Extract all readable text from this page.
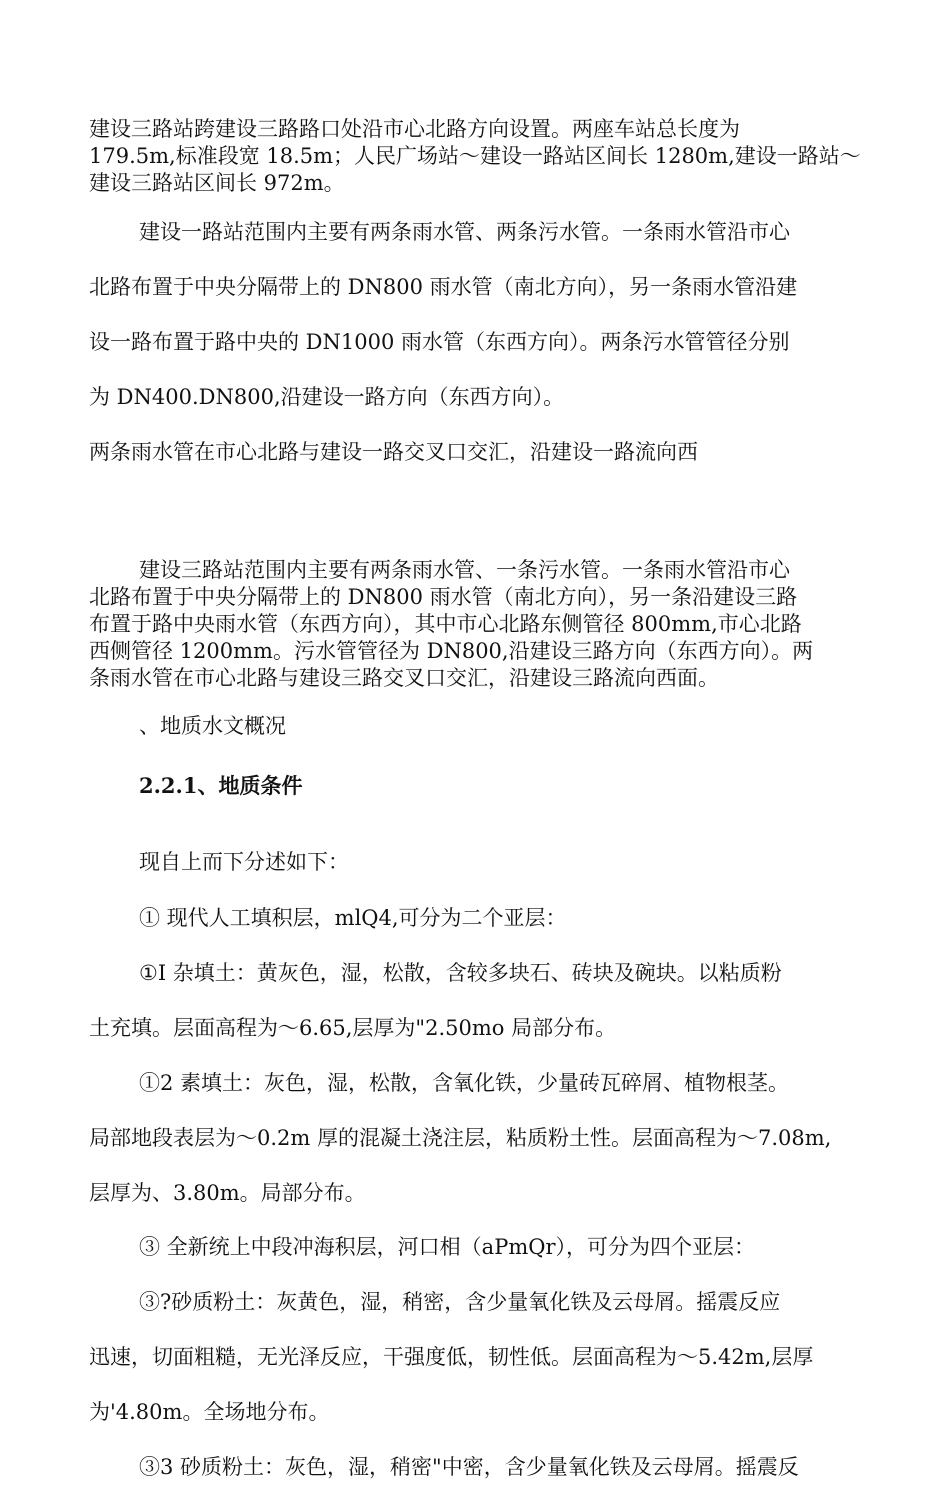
建设三路站跨建设三路路口处沿市心北路方向设置。两座车站总长度为
179.5m,标准段宽 18.5m；人民广场站〜建设一路站区间长 1280m,建设一路站〜
建设三路站区间长 972m。
建设一路站范围内主要有两条雨水管、两条污水管。一条雨水管沿市心
北路布置于中央分隔带上的 DN800 雨水管（南北方向），另一条雨水管沿建
设一路布置于路中央的 DN1000 雨水管（东西方向）。两条污水管管径分别
为 DN400.DN800,沿建设一路方向（东西方向）。
两条雨水管在市心北路与建设一路交叉口交汇，沿建设一路流向西
建设三路站范围内主要有两条雨水管、一条污水管。一条雨水管沿市心
北路布置于中央分隔带上的 DN800 雨水管（南北方向），另一条沿建设三路
布置于路中央雨水管（东西方向），其中市心北路东侧管径 800mm,市心北路
西侧管径 1200mm。污水管管径为 DN800,沿建设三路方向（东西方向）。两
条雨水管在市心北路与建设三路交叉口交汇，沿建设三路流向西面。
、地质水文概况
2.2.1、地质条件
现自上而下分述如下：
① 现代人工填积层，mlQ4,可分为二个亚层：
①I 杂填土：黄灰色，湿，松散，含较多块石、砖块及碗块。以粘质粉
土充填。层面高程为〜6.65,层厚为"2.50mo 局部分布。
①2 素填土：灰色，湿，松散，含氧化铁，少量砖瓦碎屑、植物根茎。
局部地段表层为〜0.2m 厚的混凝土浇注层，粘质粉土性。层面高程为〜7.08m,
层厚为、3.80m。局部分布。
③ 全新统上中段冲海积层，河口相（aPmQr），可分为四个亚层：
③?砂质粉土：灰黄色，湿，稍密，含少量氧化铁及云母屑。摇震反应
迅速，切面粗糙，无光泽反应，干强度低，韧性低。层面高程为〜5.42m,层厚
为'4.80m。全场地分布。
③3 砂质粉土：灰色，湿，稍密"中密，含少量氧化铁及云母屑。摇震反
